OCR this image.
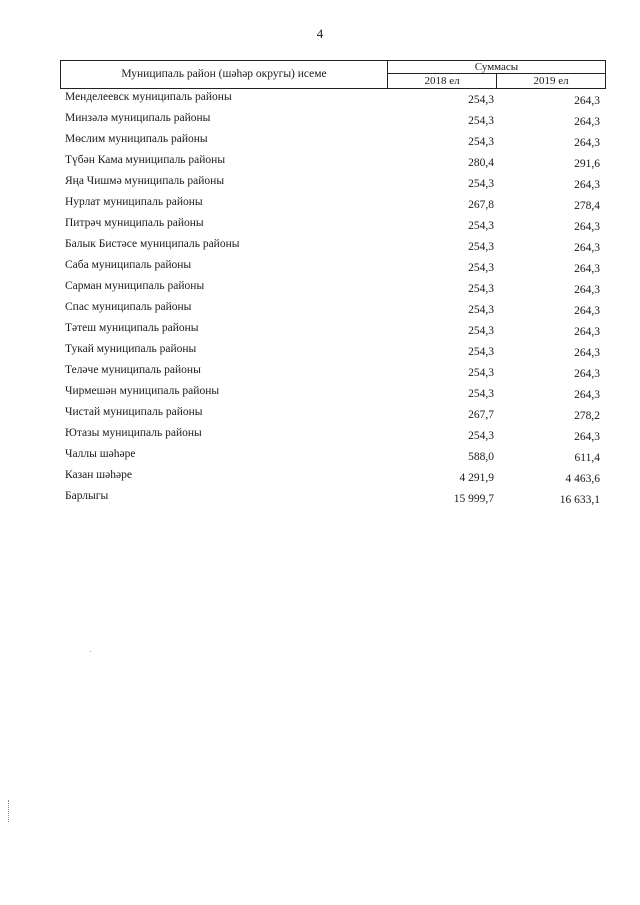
4
Муниципаль район (шәһәр округы) исеме
Суммасы
2018 ел	2019 ел
Менделеевск муниципаль районы	254,3	264,3
Минзәлә муниципаль районы	254,3	264,3
Мөслим муниципаль районы	254,3	264,3
Түбән Кама муниципаль районы	280,4	291,6
Яңа Чишмә муниципаль районы	254,3	264,3
Нурлат муниципаль районы	267,8	278,4
Питрәч муниципаль районы	254,3	264,3
Балык Бистәсе муниципаль районы	254,3	264,3
Саба муниципаль районы	254,3	264,3
Сарман муниципаль районы	254,3	264,3
Спас муниципаль районы	254,3	264,3
Тәтеш муниципаль районы	254,3	264,3
Тукай муниципаль районы	254,3	264,3
Теләче муниципаль районы	254,3	264,3
Чирмешән муниципаль районы	254,3	264,3
Чистай муниципаль районы	267,7	278,2
Ютазы муниципаль районы	254,3	264,3
Чаллы шәһәре	588,0	611,4
Казан шәһәре	4 291,9	4 463,6
Барлыгы	15 999,7	16 633,1
